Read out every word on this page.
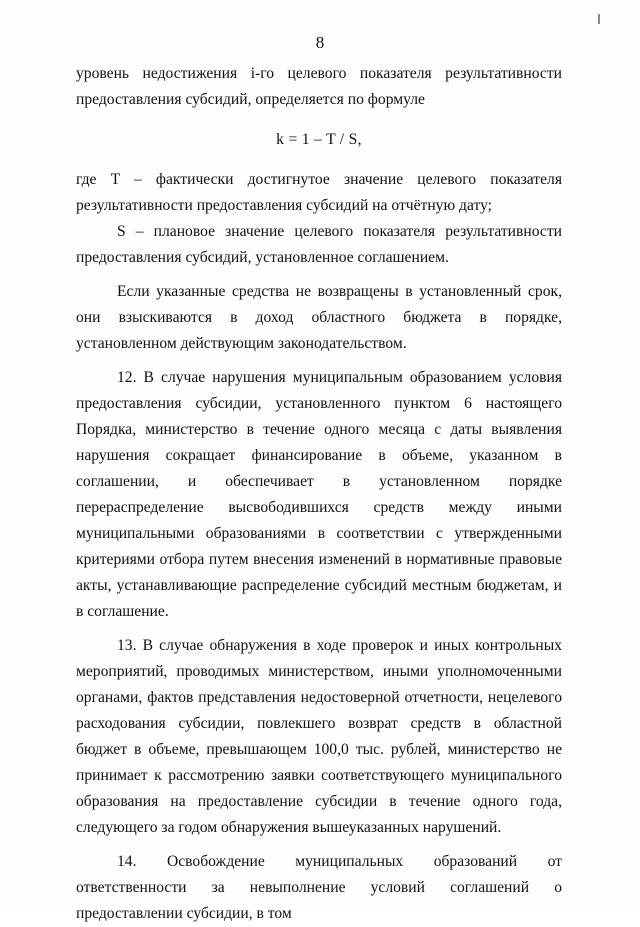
8

уровень недостижения i-го целевого показателя результативности предоставления субсидий, определяется по формуле

k = 1 – T / S,

где T – фактически достигнутое значение целевого показателя результативности предоставления субсидий на отчётную дату;

S – плановое значение целевого показателя результативности предоставления субсидий, установленное соглашением.

Если указанные средства не возвращены в установленный срок, они взыскиваются в доход областного бюджета в порядке, установленном действующим законодательством.

12. В случае нарушения муниципальным образованием условия предоставления субсидии, установленного пунктом 6 настоящего Порядка, министерство в течение одного месяца с даты выявления нарушения сокращает финансирование в объеме, указанном в соглашении, и обеспечивает в установленном порядке перераспределение высвободившихся средств между иными муниципальными образованиями в соответствии с утвержденными критериями отбора путем внесения изменений в нормативные правовые акты, устанавливающие распределение субсидий местным бюджетам, и в соглашение.

13. В случае обнаружения в ходе проверок и иных контрольных мероприятий, проводимых министерством, иными уполномоченными органами, фактов представления недостоверной отчетности, нецелевого расходования субсидии, повлекшего возврат средств в областной бюджет в объеме, превышающем 100,0 тыс. рублей, министерство не принимает к рассмотрению заявки соответствующего муниципального образования на предоставление субсидии в течение одного года, следующего за годом обнаружения вышеуказанных нарушений.

14. Освобождение муниципальных образований от ответственности за невыполнение условий соглашений о предоставлении субсидии, в том
